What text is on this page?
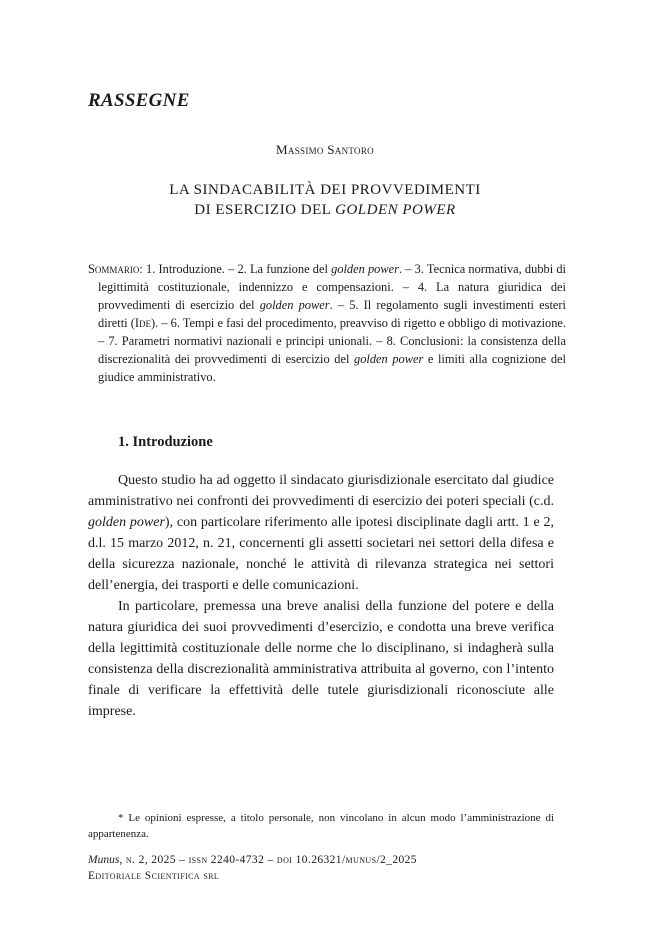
RASSEGNE
Massimo Santoro
LA SINDACABILITÀ DEI PROVVEDIMENTI
DI ESERCIZIO DEL GOLDEN POWER
Sommario: 1. Introduzione. – 2. La funzione del golden power. – 3. Tecnica normativa, dubbi di legittimità costituzionale, indennizzo e compensazioni. – 4. La natura giuridica dei provvedimenti di esercizio del golden power. – 5. Il regolamento sugli investimenti esteri diretti (Ide). – 6. Tempi e fasi del procedimento, preavviso di rigetto e obbligo di motivazione. – 7. Parametri normativi nazionali e principi unionali. – 8. Conclusioni: la consistenza della discrezionalità dei provvedimenti di esercizio del golden power e limiti alla cognizione del giudice amministrativo.
1. Introduzione

Questo studio ha ad oggetto il sindacato giurisdizionale esercitato dal giudice amministrativo nei confronti dei provvedimenti di esercizio dei poteri speciali (c.d. golden power), con particolare riferimento alle ipotesi disciplinate dagli artt. 1 e 2, d.l. 15 marzo 2012, n. 21, concernenti gli assetti societari nei settori della difesa e della sicurezza nazionale, nonché le attività di rilevanza strategica nei settori dell’energia, dei trasporti e delle comunicazioni.

In particolare, premessa una breve analisi della funzione del potere e della natura giuridica dei suoi provvedimenti d’esercizio, e condotta una breve verifica della legittimità costituzionale delle norme che lo disciplinano, si indagherà sulla consistenza della discrezionalità amministrativa attribuita al governo, con l’intento finale di verificare la effettività delle tutele giurisdizionali riconosciute alle imprese.

* Le opinioni espresse, a titolo personale, non vincolano in alcun modo l’amministrazione di appartenenza.
Munus, n. 2, 2025 – issn 2240-4732 – doi 10.26321/munus/2_2025
Editoriale Scientifica srl
